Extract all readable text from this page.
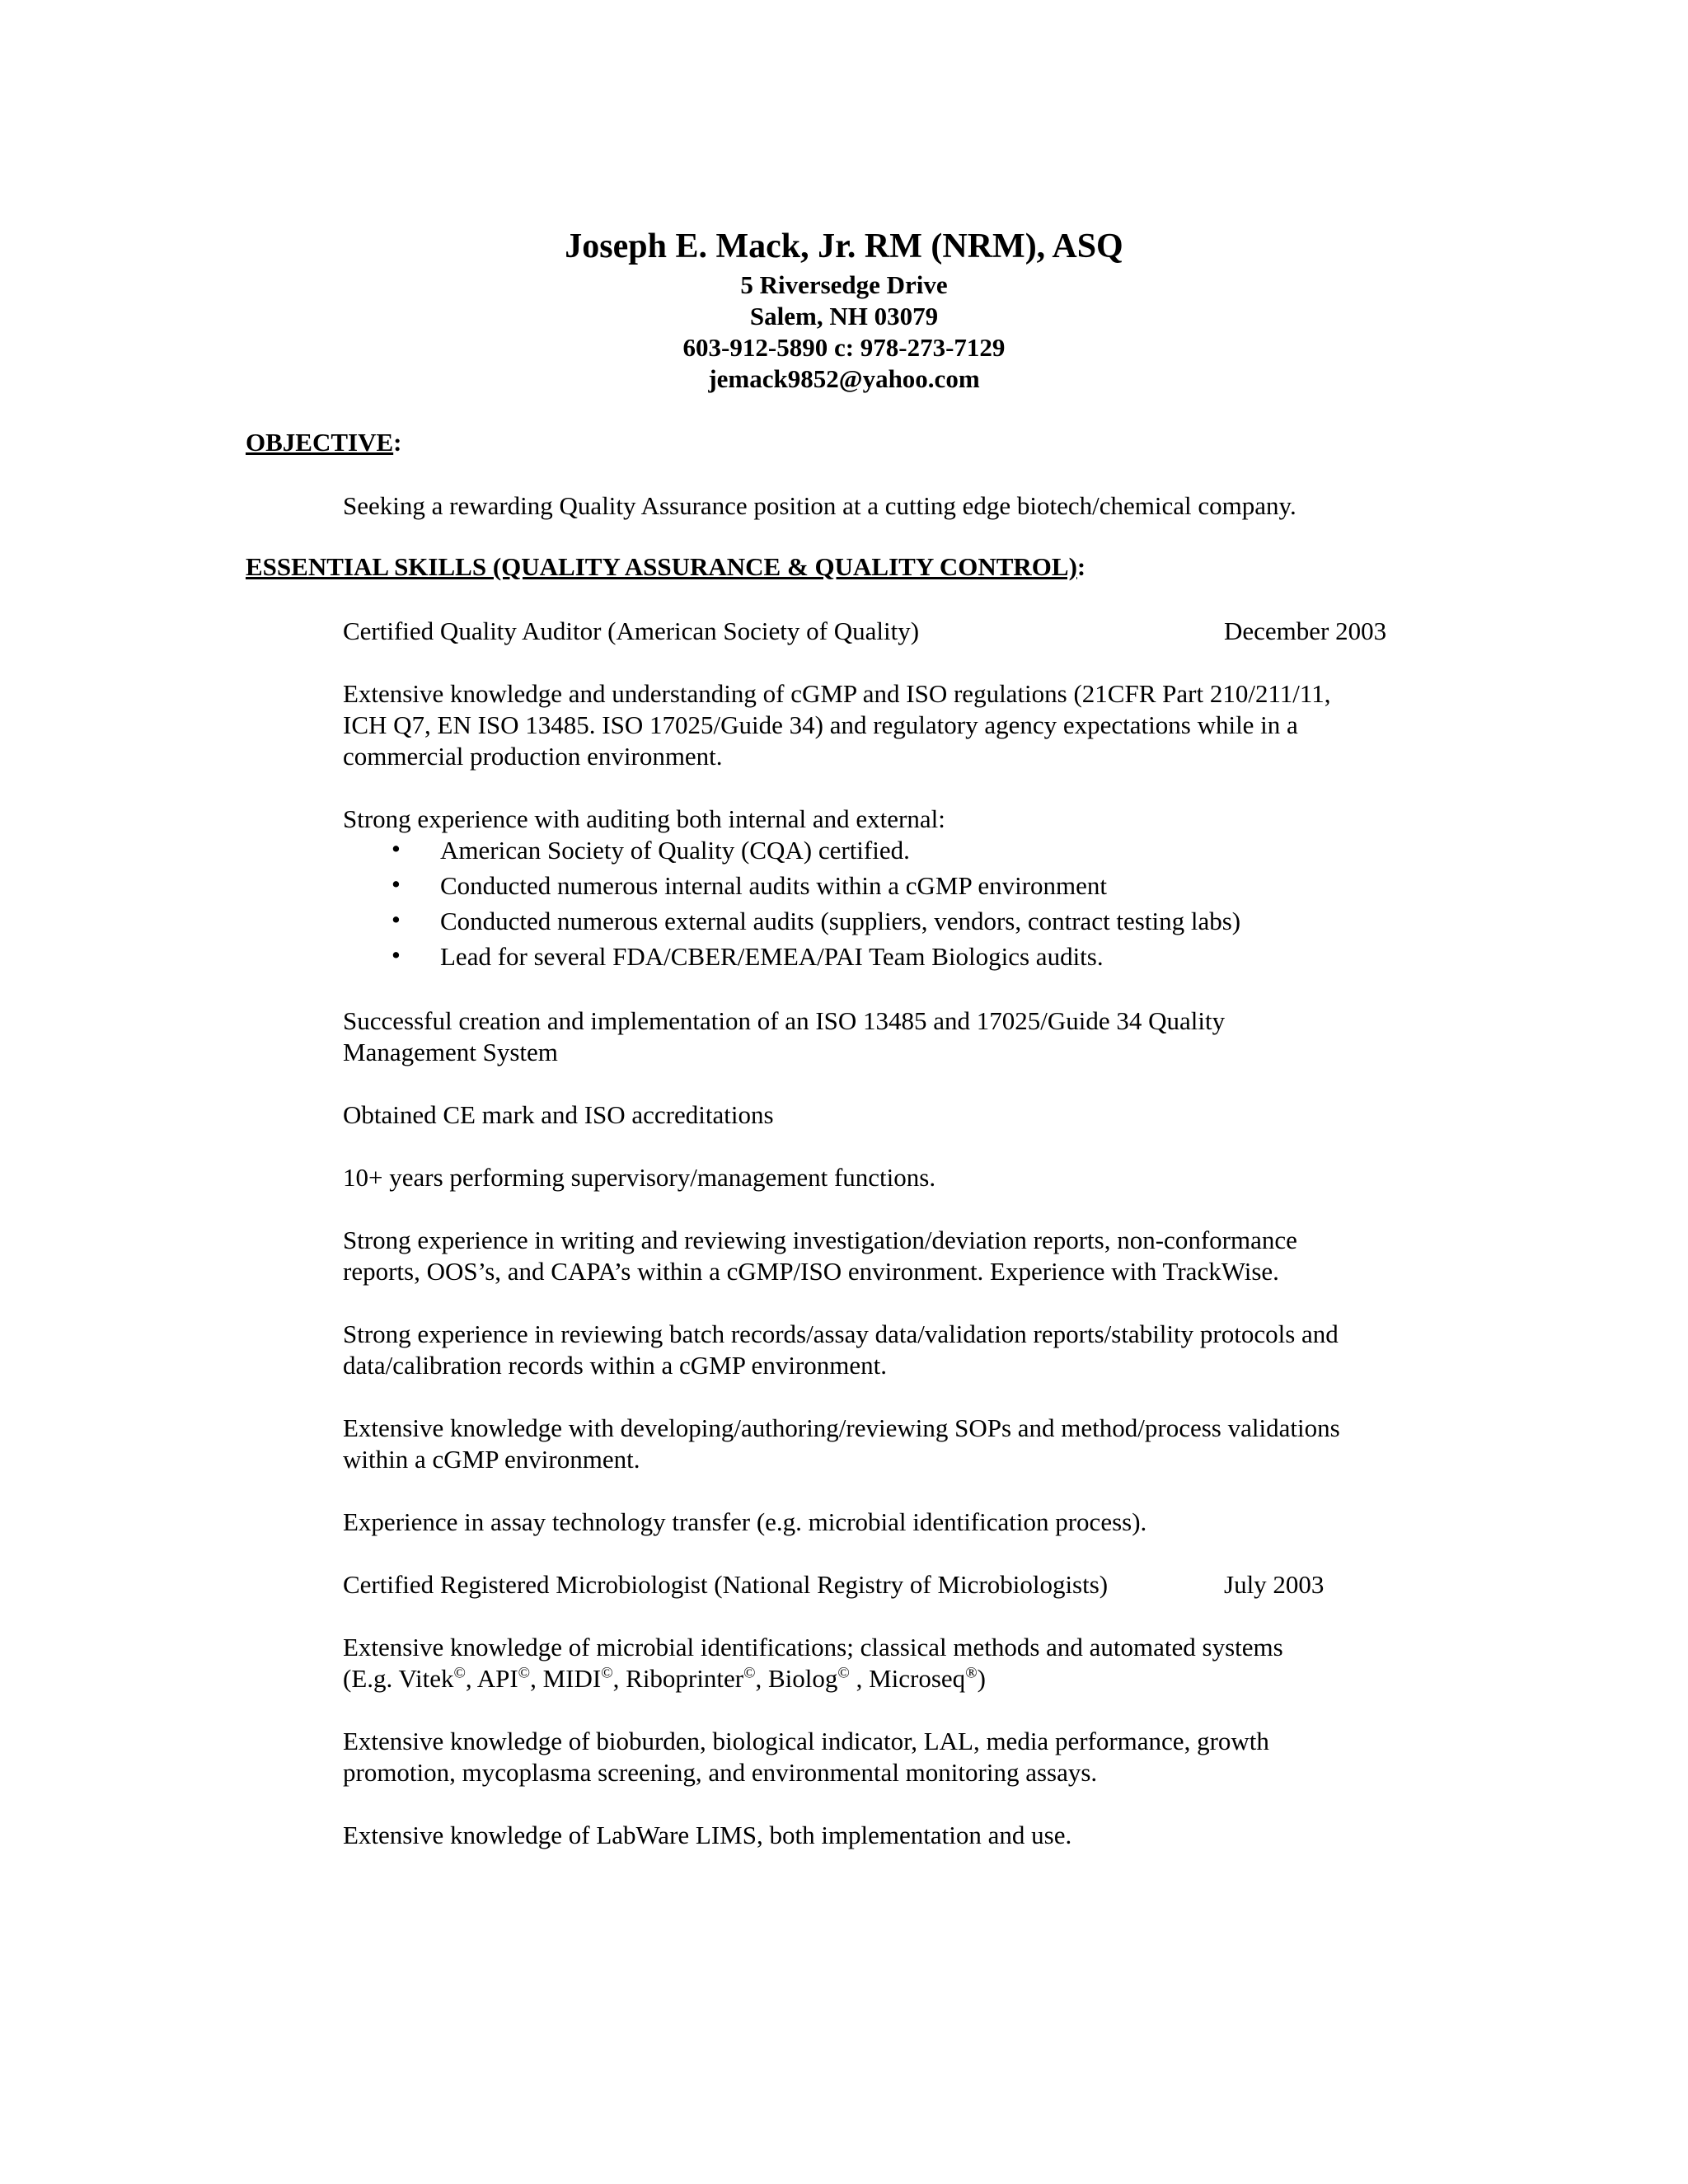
Joseph E. Mack, Jr. RM (NRM), ASQ
5 Riversedge Drive
Salem, NH 03079
603-912-5890 c: 978-273-7129
jemack9852@yahoo.com
OBJECTIVE:
Seeking a rewarding Quality Assurance position at a cutting edge biotech/chemical company.
ESSENTIAL SKILLS (QUALITY ASSURANCE & QUALITY CONTROL):
Certified Quality Auditor (American Society of Quality)	December 2003
Extensive knowledge and understanding of cGMP and ISO regulations (21CFR Part 210/211/11,
ICH Q7, EN ISO 13485. ISO 17025/Guide 34) and regulatory agency expectations while in a
commercial production environment.
Strong experience with auditing both internal and external:
• American Society of Quality (CQA) certified.
• Conducted numerous internal audits within a cGMP environment
• Conducted numerous external audits (suppliers, vendors, contract testing labs)
• Lead for several FDA/CBER/EMEA/PAI Team Biologics audits.
Successful creation and implementation of an ISO 13485 and 17025/Guide 34 Quality
Management System
Obtained CE mark and ISO accreditations
10+ years performing supervisory/management functions.
Strong experience in writing and reviewing investigation/deviation reports, non-conformance
reports, OOS’s, and CAPA’s within a cGMP/ISO environment. Experience with TrackWise.
Strong experience in reviewing batch records/assay data/validation reports/stability protocols and
data/calibration records within a cGMP environment.
Extensive knowledge with developing/authoring/reviewing SOPs and method/process validations
within a cGMP environment.
Experience in assay technology transfer (e.g. microbial identification process).
Certified Registered Microbiologist (National Registry of Microbiologists)	July 2003
Extensive knowledge of microbial identifications; classical methods and automated systems
(E.g. Vitek©, API©, MIDI©, Riboprinter©, Biolog© , Microseq®)
Extensive knowledge of bioburden, biological indicator, LAL, media performance, growth
promotion, mycoplasma screening, and environmental monitoring assays.
Extensive knowledge of LabWare LIMS, both implementation and use.
